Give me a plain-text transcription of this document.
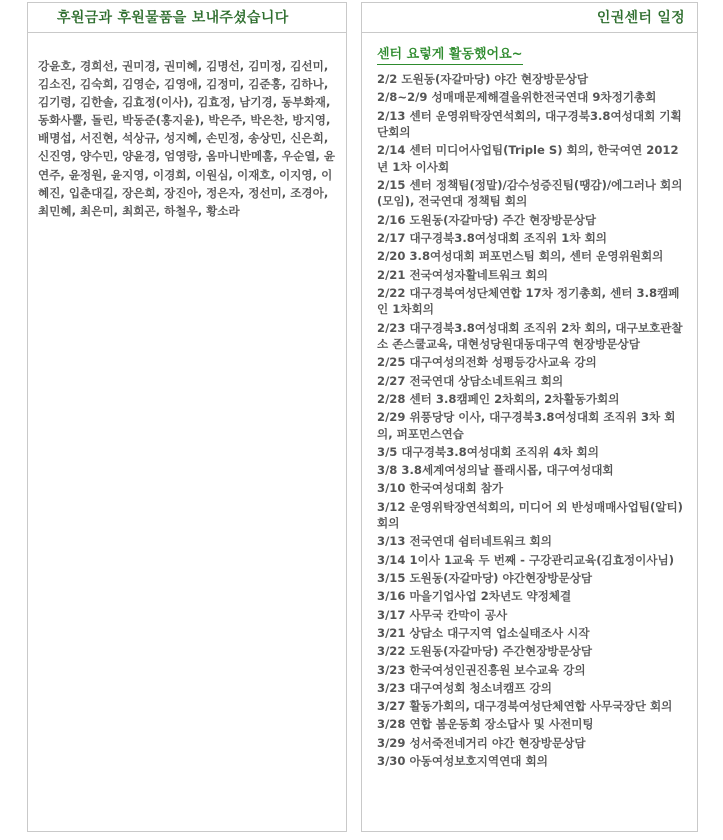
후원금과 후원물품을 보내주셨습니다
강윤호, 경희선, 권미경, 권미혜, 김명선, 김미정, 김선미, 김소진, 김숙희, 김영순, 김영애, 김정미, 김준홍, 김하나, 김기령, 김한솔, 김효정(이사), 김효정, 남기경, 동부화재, 동화사뿔, 돌린, 박동준(홍지윤), 박은주, 박은찬, 방지영, 배명섭, 서진현, 석상규, 성지혜, 손민정, 송상민, 신은희, 신진영, 양수민, 양윤경, 엄영랑, 옴마니반메훔, 우순열, 윤연주, 윤정원, 윤지영, 이경희, 이원심, 이재호, 이지영, 이혜진, 입춘대길, 장은희, 장진아, 정은자, 정선미, 조경아, 최민혜, 최은미, 최희곤, 하철우, 황소라
인권센터 일정
센터 요렇게 활동했어요~
2/2 도원동(자갈마당) 야간 현장방문상담
2/8~2/9 성매매문제해결을위한전국연대 9차정기총회
2/13 센터 운영위탁장연석회의, 대구경북3.8여성대회 기획단회의
2/14 센터 미디어사업팀(Triple S) 회의, 한국여연 2012년 1차 이사회
2/15 센터 정책팀(정말)/감수성증진팀(땡감)/에그러나 회의(모임), 전국연대 정책팀 회의
2/16 도원동(자갈마당) 주간 현장방문상담
2/17 대구경북3.8여성대회 조직위 1차 회의
2/20 3.8여성대회 퍼포먼스팀 회의, 센터 운영위원회의
2/21 전국여성자활네트워크 회의
2/22 대구경북여성단체연합 17차 정기총회, 센터 3.8캠페인 1차회의
2/23 대구경북3.8여성대회 조직위 2차 회의, 대구보호관찰소 존스쿨교육, 대현성당원대동대구역 현장방문상담
2/25 대구여성의전화 성평등강사교육 강의
2/27 전국연대 상담소네트워크 회의
2/28 센터 3.8캠페인 2차회의, 2차활동가회의
2/29 위풍당당 이사, 대구경북3.8여성대회 조직위 3차 회의, 퍼포먼스연습
3/5 대구경북3.8여성대회 조직위 4차 회의
3/8 3.8세계여성의날 플래시몹, 대구여성대회
3/10 한국여성대회 참가
3/12 운영위탁장연석회의, 미디어 외 반성매매사업팀(알티)회의
3/13 전국연대 쉼터네트워크 회의
3/14 1이사 1교육 두 번째 - 구강관리교육(김효정이사님)
3/15 도원동(자갈마당) 야간현장방문상담
3/16 마을기업사업 2차년도 약정체결
3/17 사무국 칸막이 공사
3/21 상담소 대구지역 업소실태조사 시작
3/22 도원동(자갈마당) 주간현장방문상담
3/23 한국여성인권진흥원 보수교육 강의
3/23 대구여성회 청소녀캠프 강의
3/27 활동가회의, 대구경북여성단체연합 사무국장단 회의
3/28 연합 봄운동회 장소답사 및 사전미팅
3/29 성서죽전네거리 야간 현장방문상담
3/30 아동여성보호지역연대 회의
